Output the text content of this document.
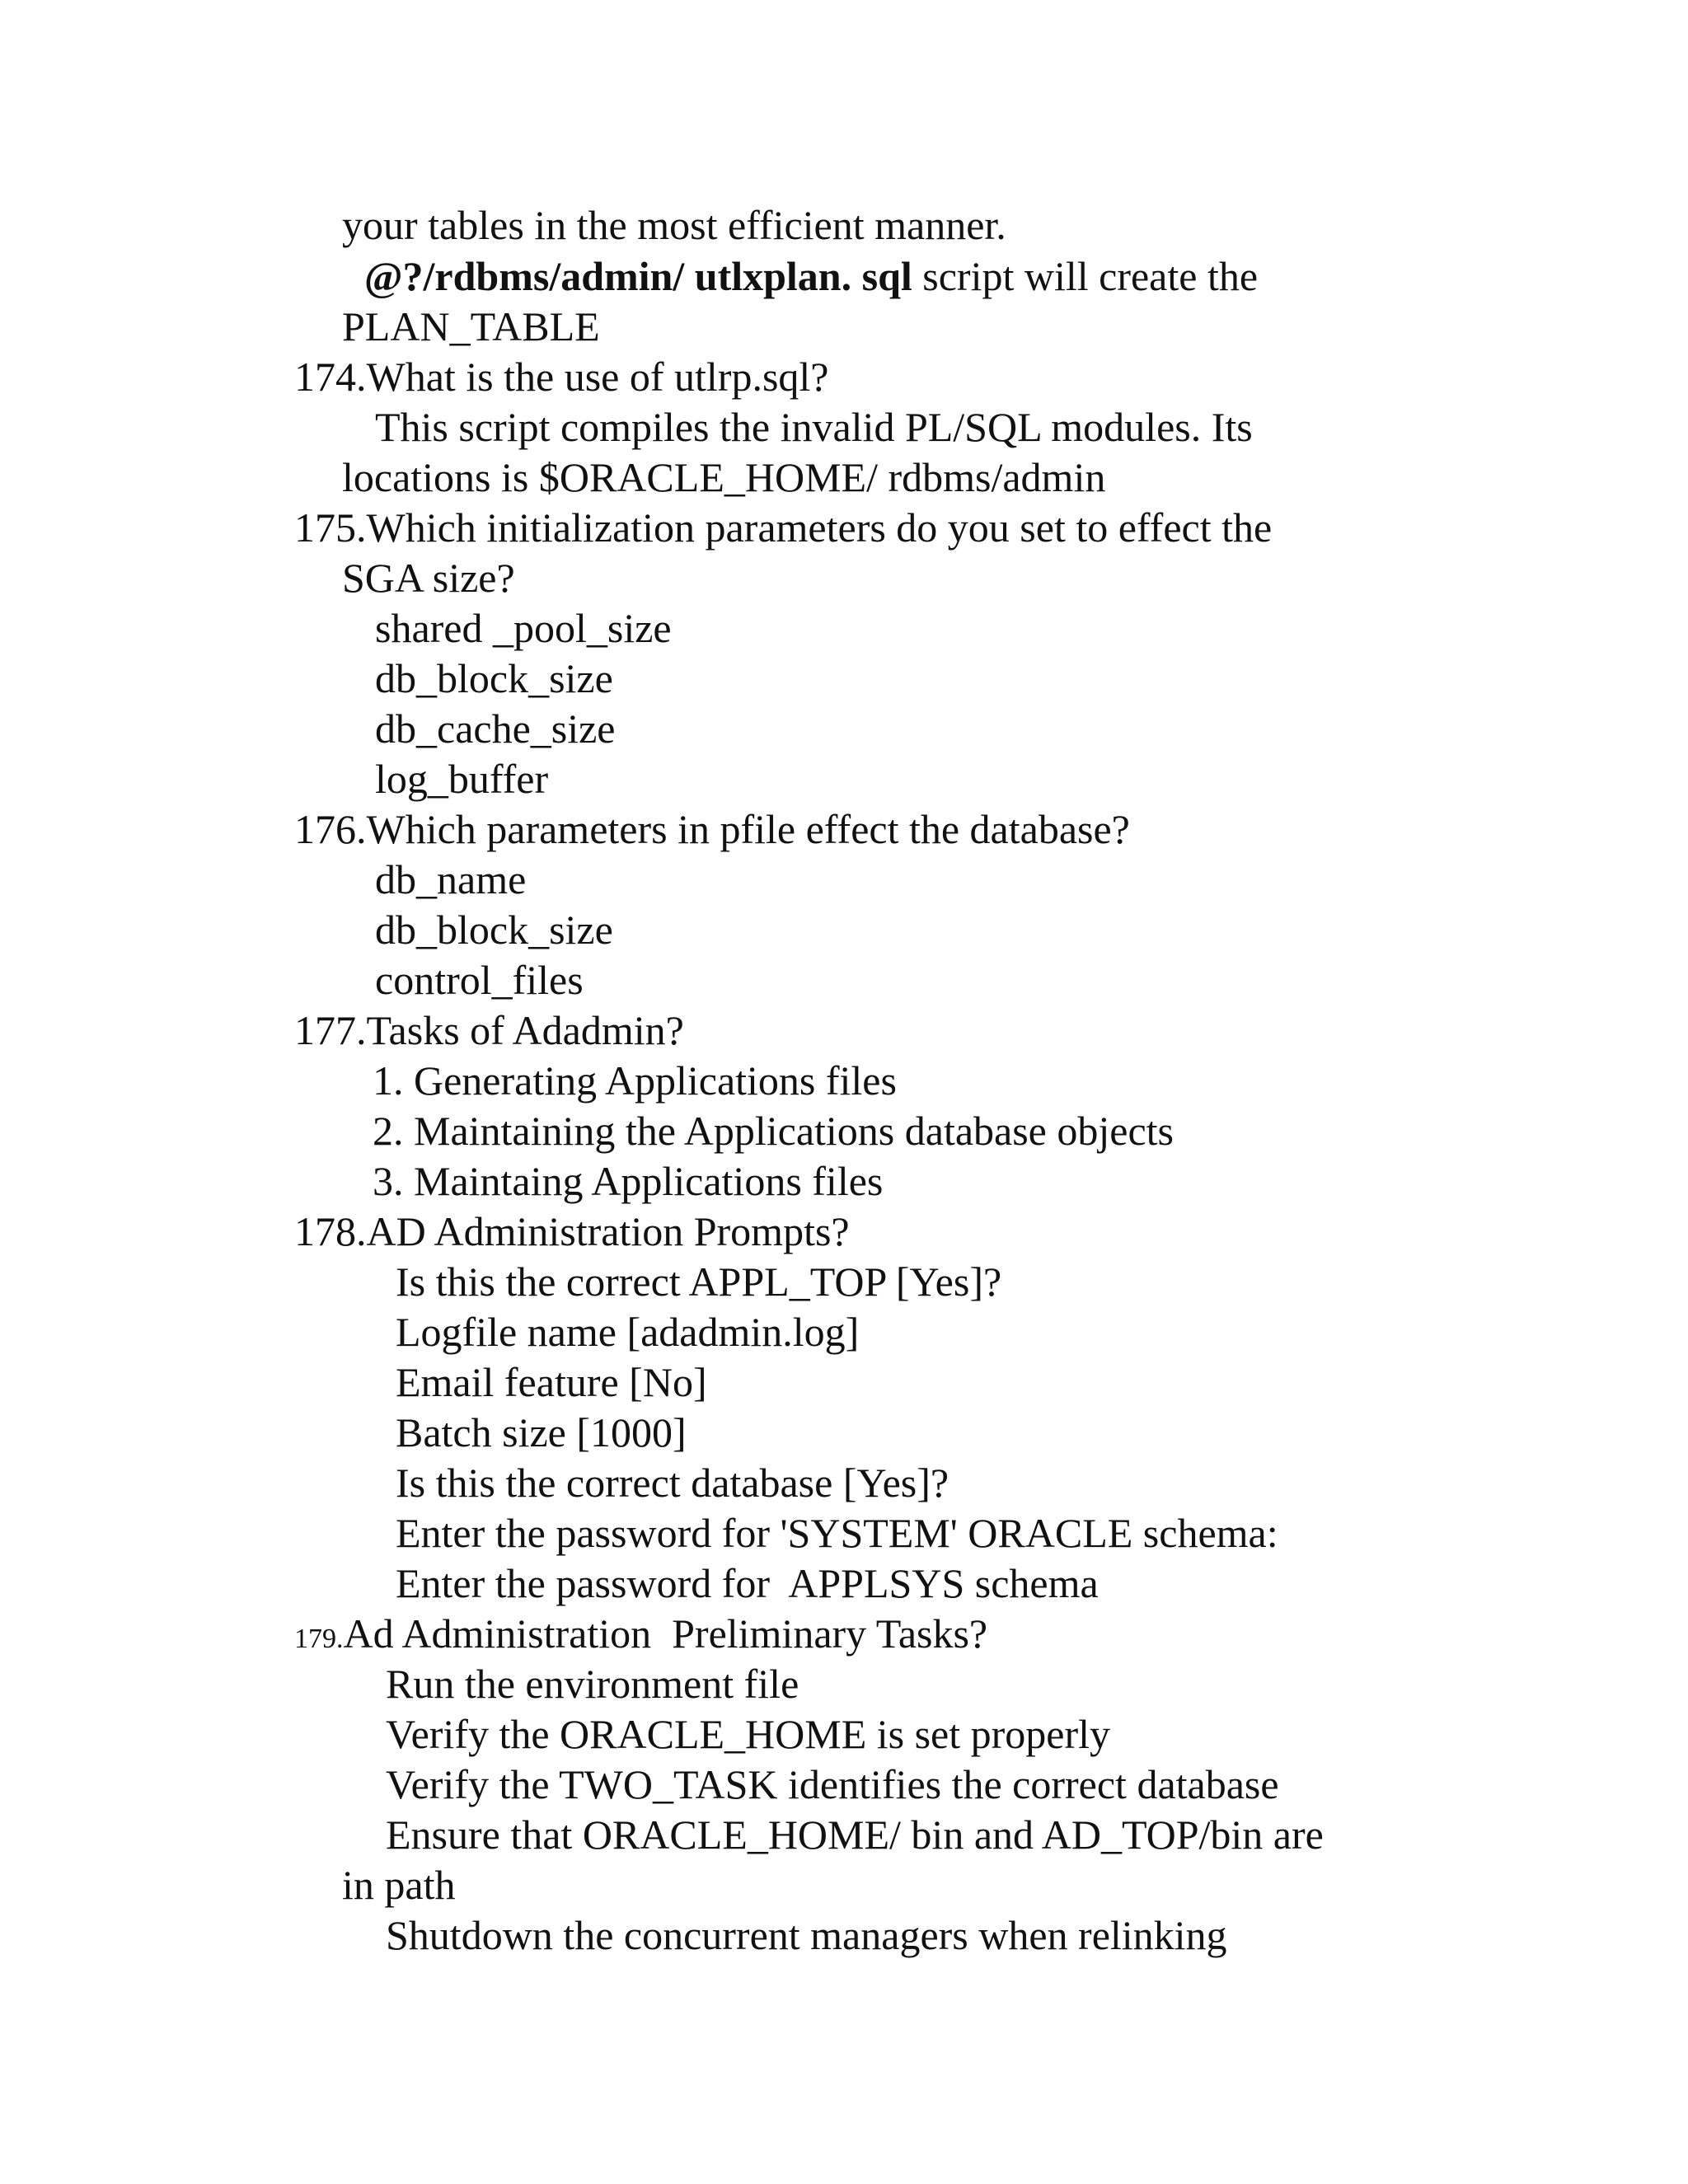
your tables in the most efficient manner.
@?/rdbms/admin/ utlxplan. sql script will create the
PLAN_TABLE
174.What is the use of utlrp.sql?
This script compiles the invalid PL/SQL modules. Its
locations is $ORACLE_HOME/ rdbms/admin
175.Which initialization parameters do you set to effect the
SGA size?
shared _pool_size
db_block_size
db_cache_size
log_buffer
176.Which parameters in pfile effect the database?
db_name
db_block_size
control_files
177.Tasks of Adadmin?
1. Generating Applications files
2. Maintaining the Applications database objects
3. Maintaing Applications files
178.AD Administration Prompts?
Is this the correct APPL_TOP [Yes]?
Logfile name [adadmin.log]
Email feature [No]
Batch size [1000]
Is this the correct database [Yes]?
Enter the password for 'SYSTEM' ORACLE schema:
Enter the password for  APPLSYS schema
179.Ad Administration  Preliminary Tasks?
Run the environment file
Verify the ORACLE_HOME is set properly
Verify the TWO_TASK identifies the correct database
Ensure that ORACLE_HOME/ bin and AD_TOP/bin are
in path
Shutdown the concurrent managers when relinking
